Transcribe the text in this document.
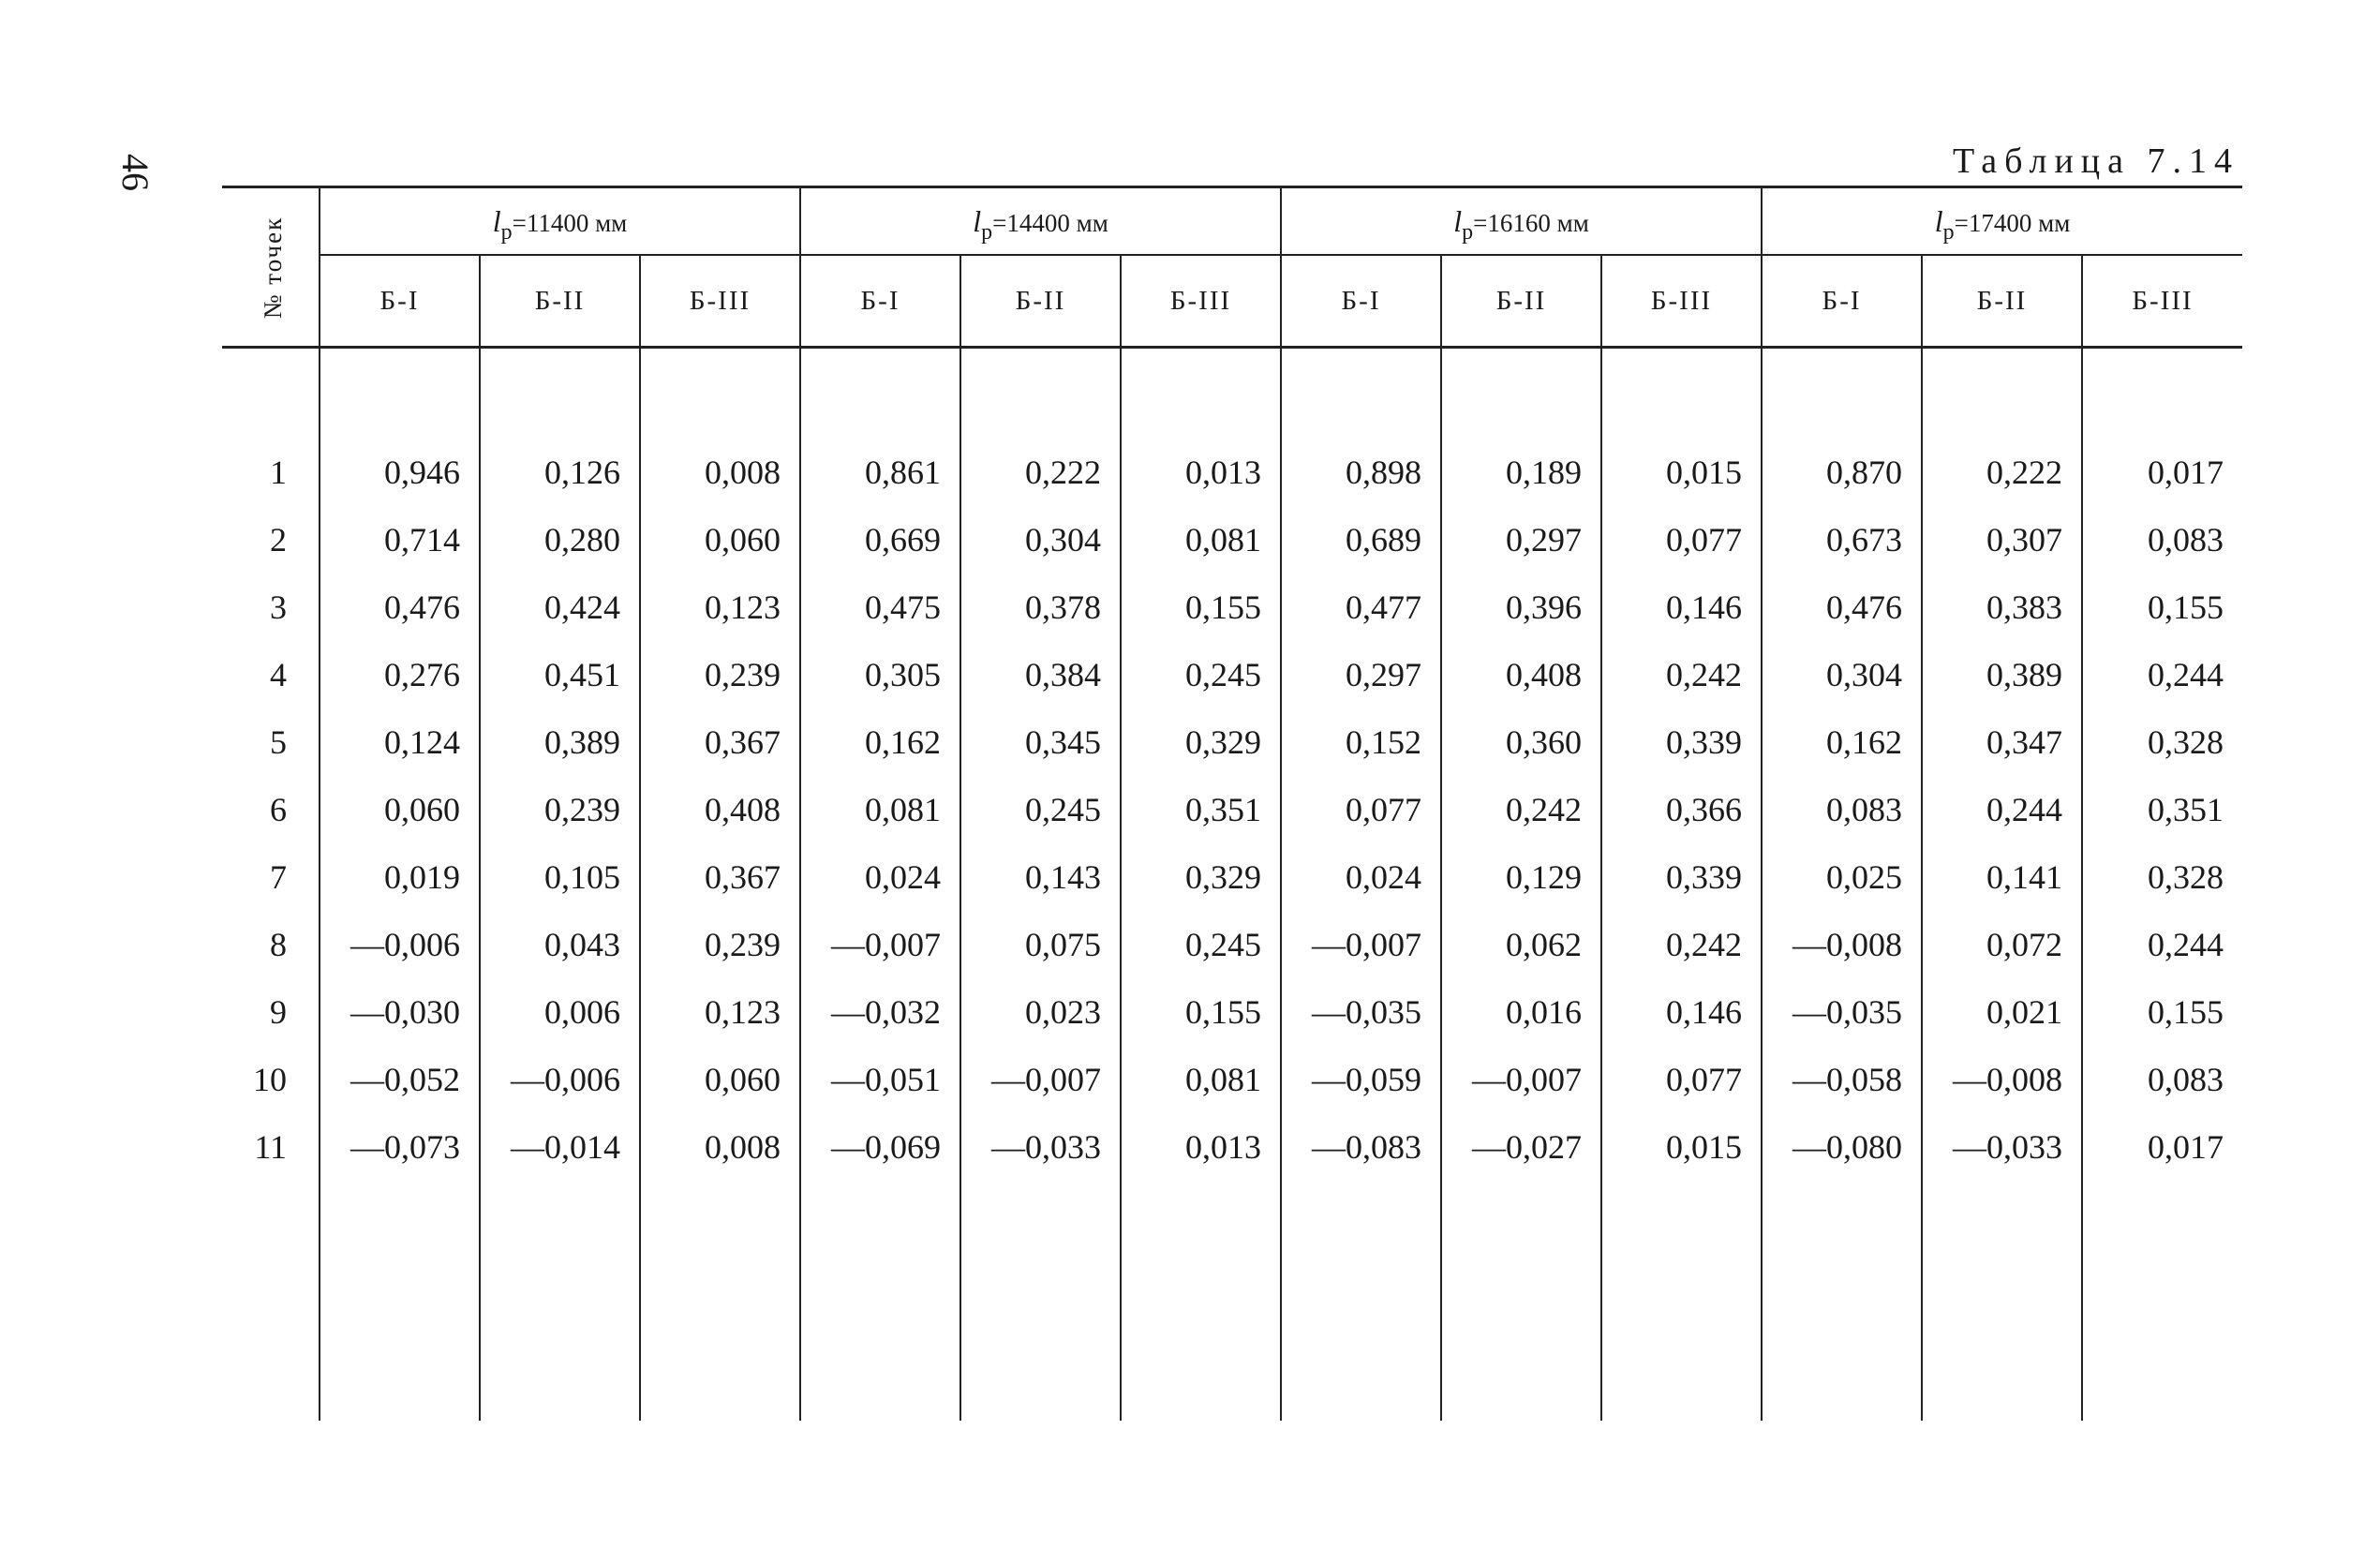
46	Таблица 7.14
№ точек	lр=11400 мм			lр=14400 мм			lр=16160 мм			lр=17400 мм		
	Б-I	Б-II	Б-III	Б-I	Б-II	Б-III	Б-I	Б-II	Б-III	Б-I	Б-II	Б-III

1	0,946	0,126	0,008	0,861	0,222	0,013	0,898	0,189	0,015	0,870	0,222	0,017
2	0,714	0,280	0,060	0,669	0,304	0,081	0,689	0,297	0,077	0,673	0,307	0,083
3	0,476	0,424	0,123	0,475	0,378	0,155	0,477	0,396	0,146	0,476	0,383	0,155
4	0,276	0,451	0,239	0,305	0,384	0,245	0,297	0,408	0,242	0,304	0,389	0,244
5	0,124	0,389	0,367	0,162	0,345	0,329	0,152	0,360	0,339	0,162	0,347	0,328
6	0,060	0,239	0,408	0,081	0,245	0,351	0,077	0,242	0,366	0,083	0,244	0,351
7	0,019	0,105	0,367	0,024	0,143	0,329	0,024	0,129	0,339	0,025	0,141	0,328
8	—0,006	0,043	0,239	—0,007	0,075	0,245	—0,007	0,062	0,242	—0,008	0,072	0,244
9	—0,030	0,006	0,123	—0,032	0,023	0,155	—0,035	0,016	0,146	—0,035	0,021	0,155
10	—0,052	—0,006	0,060	—0,051	—0,007	0,081	—0,059	—0,007	0,077	—0,058	—0,008	0,083
11	—0,073	—0,014	0,008	—0,069	—0,033	0,013	—0,083	—0,027	0,015	—0,080	—0,033	0,017
